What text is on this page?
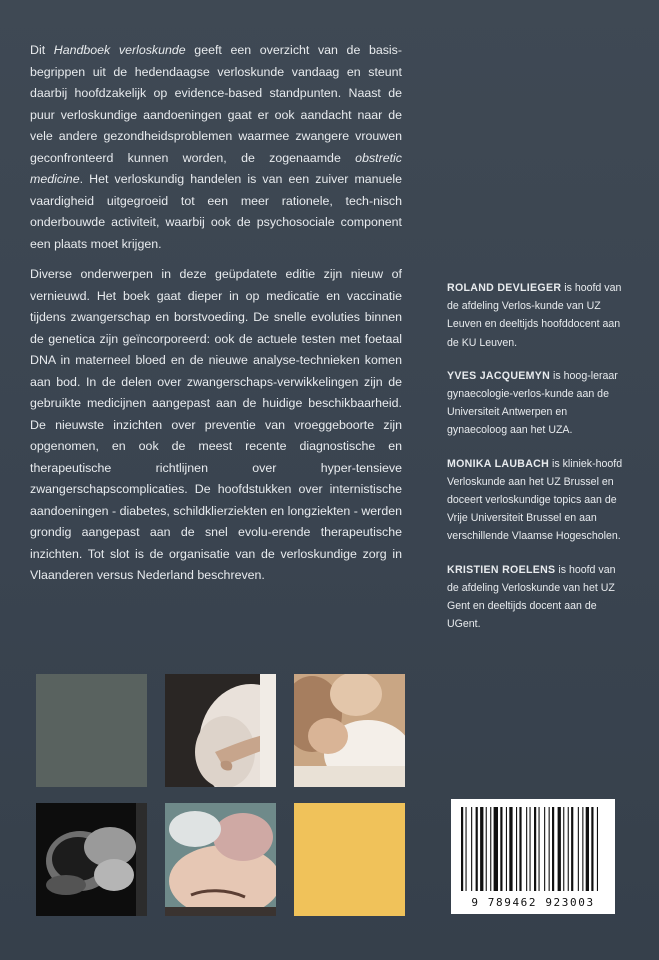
Dit Handboek verloskunde geeft een overzicht van de basis-begrippen uit de hedendaagse verloskunde vandaag en steunt daarbij hoofdzakelijk op evidence-based standpunten. Naast de puur verloskundige aandoeningen gaat er ook aandacht naar de vele andere gezondheidsproblemen waarmee zwangere vrouwen geconfronteerd kunnen worden, de zogenaamde obstretic medicine. Het verloskundig handelen is van een zuiver manuele vaardigheid uitgegroeid tot een meer rationele, tech-nisch onderbouwde activiteit, waarbij ook de psychosociale component een plaats moet krijgen.

Diverse onderwerpen in deze geüpdatete editie zijn nieuw of vernieuwd. Het boek gaat dieper in op medicatie en vaccinatie tijdens zwangerschap en borstvoeding. De snelle evoluties binnen de genetica zijn geïncorporeerd: ook de actuele testen met foetaal DNA in materneel bloed en de nieuwe analyse-technieken komen aan bod. In de delen over zwangerschaps-verwikkelingen zijn de gebruikte medicijnen aangepast aan de huidige beschikbaarheid. De nieuwste inzichten over preventie van vroeggeboorte zijn opgenomen, en ook de meest recente diagnostische en therapeutische richtlijnen over hyper-tensieve zwangerschapscomplicaties. De hoofdstukken over internistische aandoeningen - diabetes, schildklierziekten en longziekten - werden grondig aangepast aan de snel evolu-erende therapeutische inzichten. Tot slot is de organisatie van de verloskundige zorg in Vlaanderen versus Nederland beschreven.

ROLAND DEVLIEGER is hoofd van de afdeling Verlos-kunde van UZ Leuven en deeltijds hoofddocent aan de KU Leuven.
YVES JACQUEMYN is hoog-leraar gynaecologie-verlos-kunde aan de Universiteit Antwerpen en gynaecoloog aan het UZA.
MONIKA LAUBACH is kliniek-hoofd Verloskunde aan het UZ Brussel en doceert verloskundige topics aan de Vrije Universiteit Brussel en aan verschillende Vlaamse Hogescholen.
KRISTIEN ROELENS is hoofd van de afdeling Verloskunde van het UZ Gent en deeltijds docent aan de UGent.
9 789462 923003
